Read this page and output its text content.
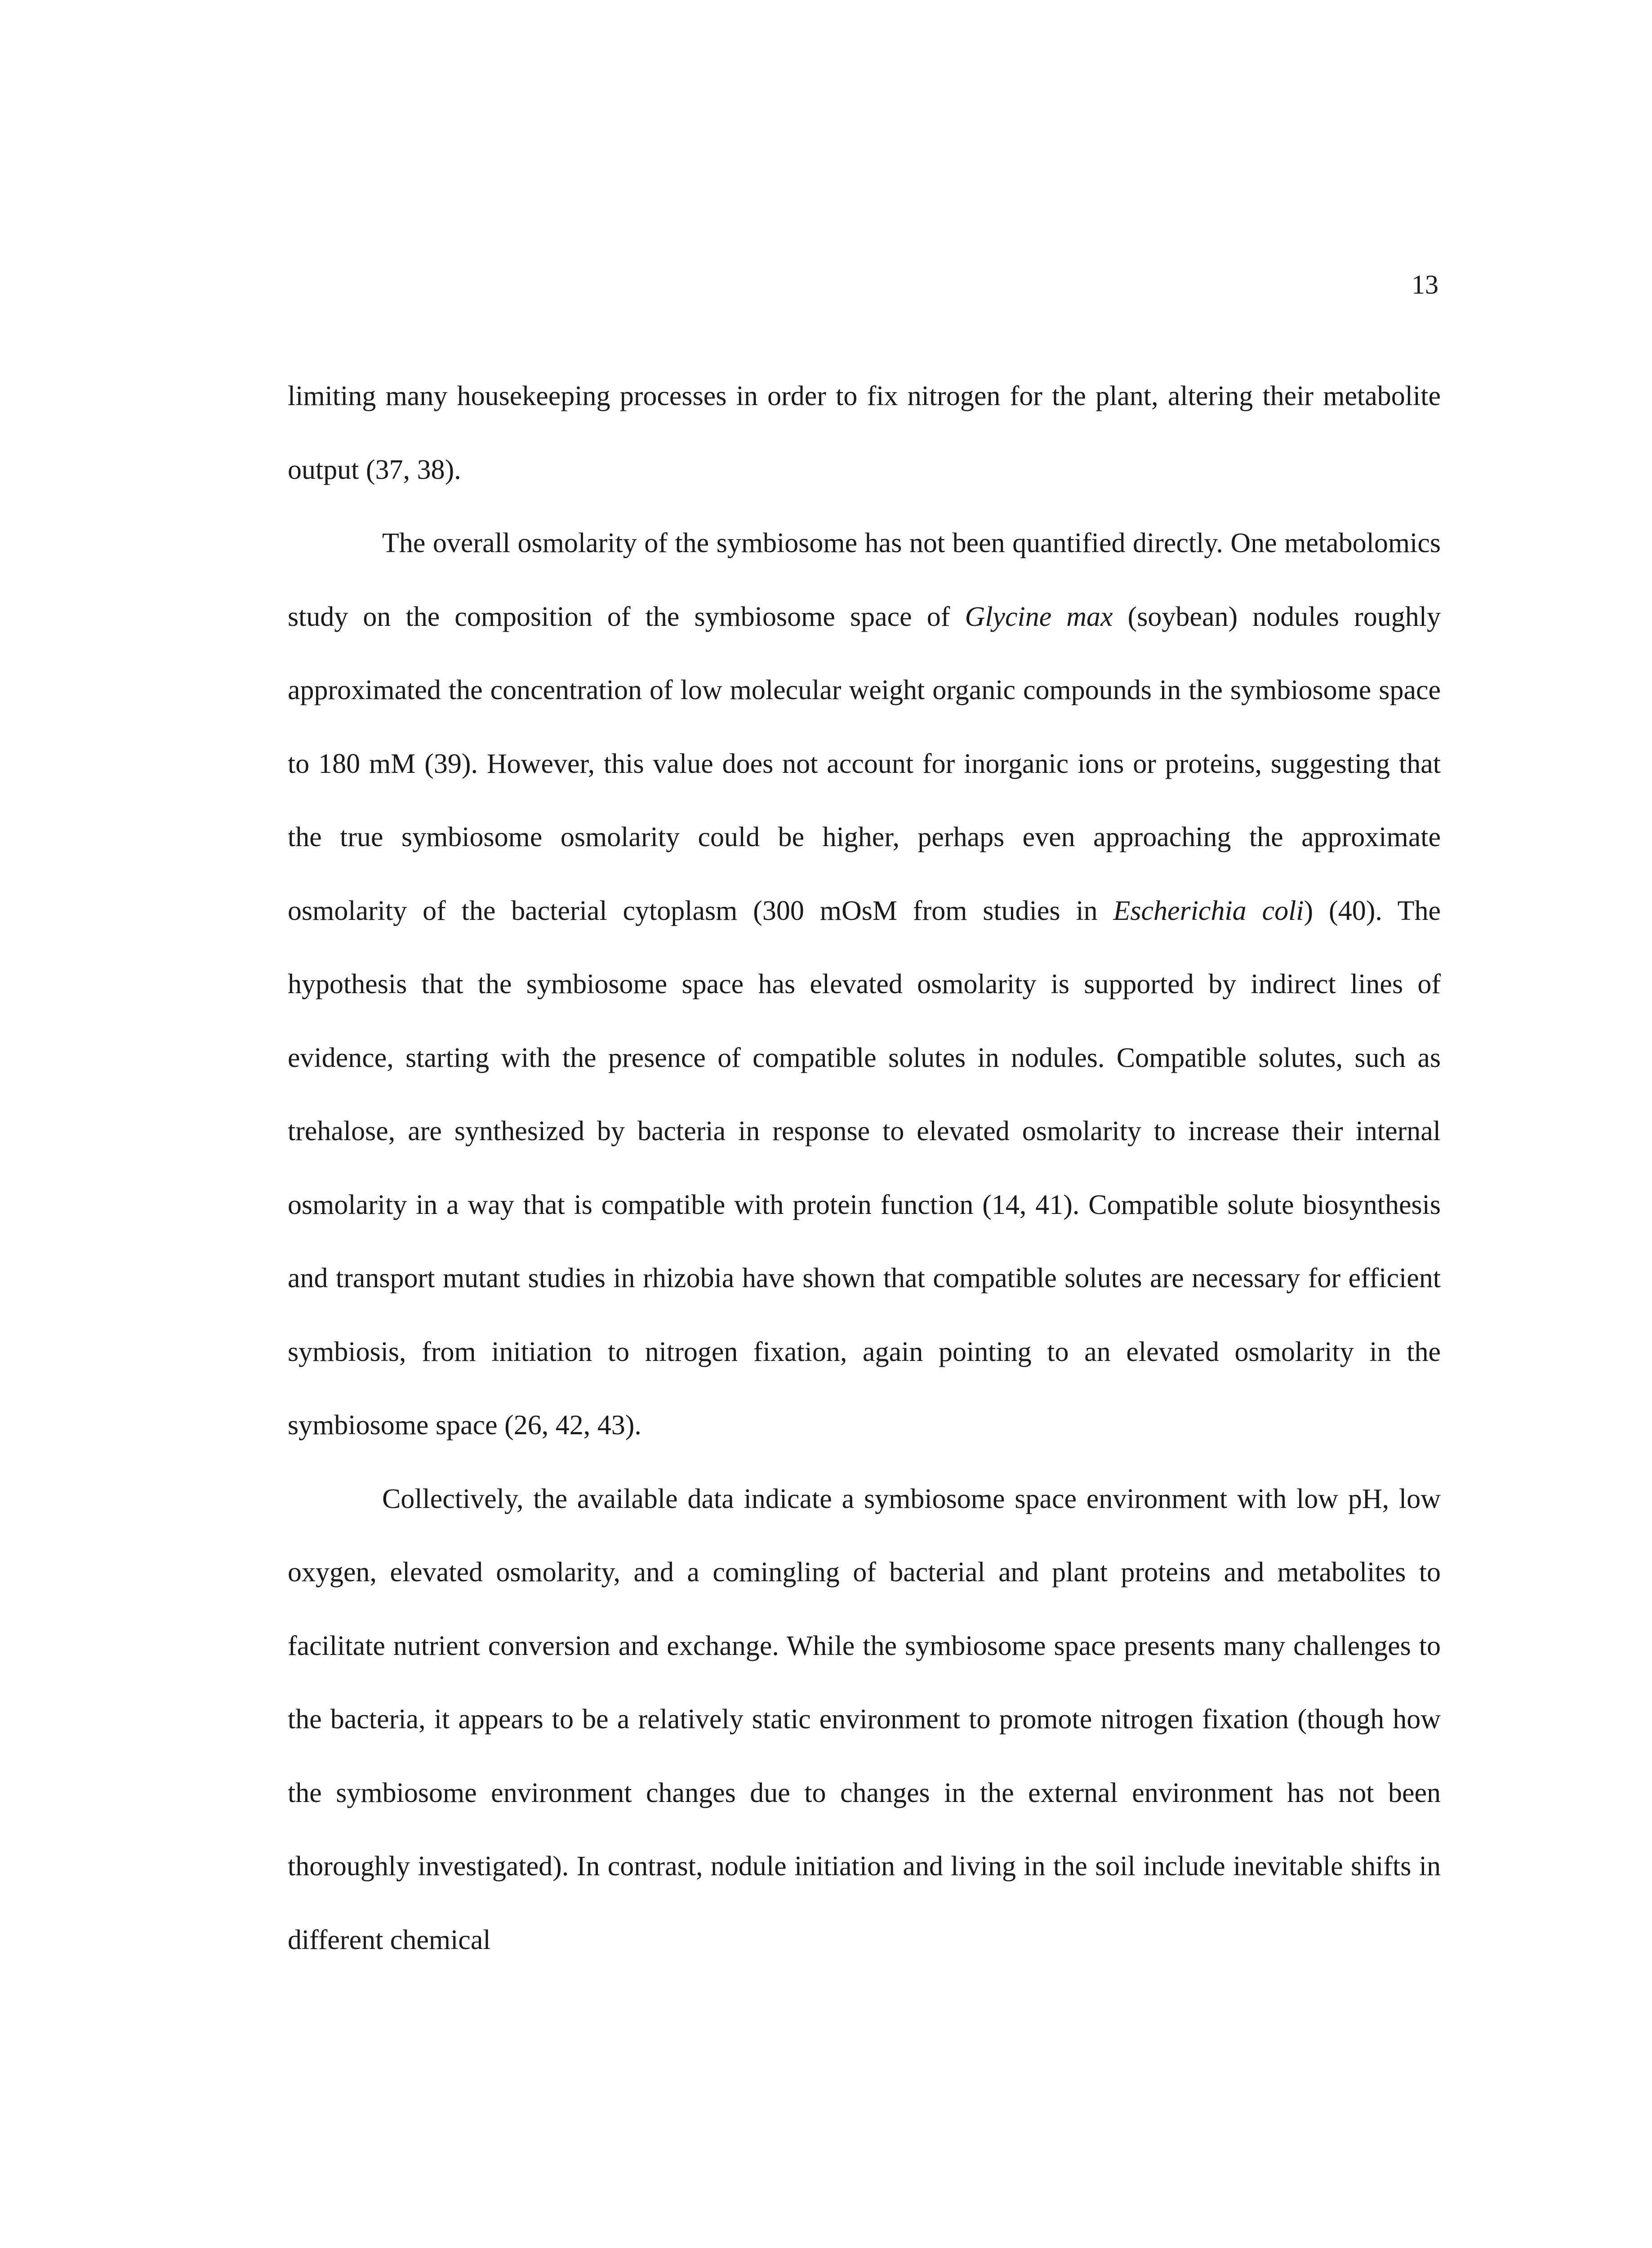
13

limiting many housekeeping processes in order to fix nitrogen for the plant, altering their metabolite output (37, 38).

The overall osmolarity of the symbiosome has not been quantified directly. One metabolomics study on the composition of the symbiosome space of Glycine max (soybean) nodules roughly approximated the concentration of low molecular weight organic compounds in the symbiosome space to 180 mM (39). However, this value does not account for inorganic ions or proteins, suggesting that the true symbiosome osmolarity could be higher, perhaps even approaching the approximate osmolarity of the bacterial cytoplasm (300 mOsM from studies in Escherichia coli) (40). The hypothesis that the symbiosome space has elevated osmolarity is supported by indirect lines of evidence, starting with the presence of compatible solutes in nodules. Compatible solutes, such as trehalose, are synthesized by bacteria in response to elevated osmolarity to increase their internal osmolarity in a way that is compatible with protein function (14, 41). Compatible solute biosynthesis and transport mutant studies in rhizobia have shown that compatible solutes are necessary for efficient symbiosis, from initiation to nitrogen fixation, again pointing to an elevated osmolarity in the symbiosome space (26, 42, 43).

Collectively, the available data indicate a symbiosome space environment with low pH, low oxygen, elevated osmolarity, and a comingling of bacterial and plant proteins and metabolites to facilitate nutrient conversion and exchange. While the symbiosome space presents many challenges to the bacteria, it appears to be a relatively static environment to promote nitrogen fixation (though how the symbiosome environment changes due to changes in the external environment has not been thoroughly investigated). In contrast, nodule initiation and living in the soil include inevitable shifts in different chemical
